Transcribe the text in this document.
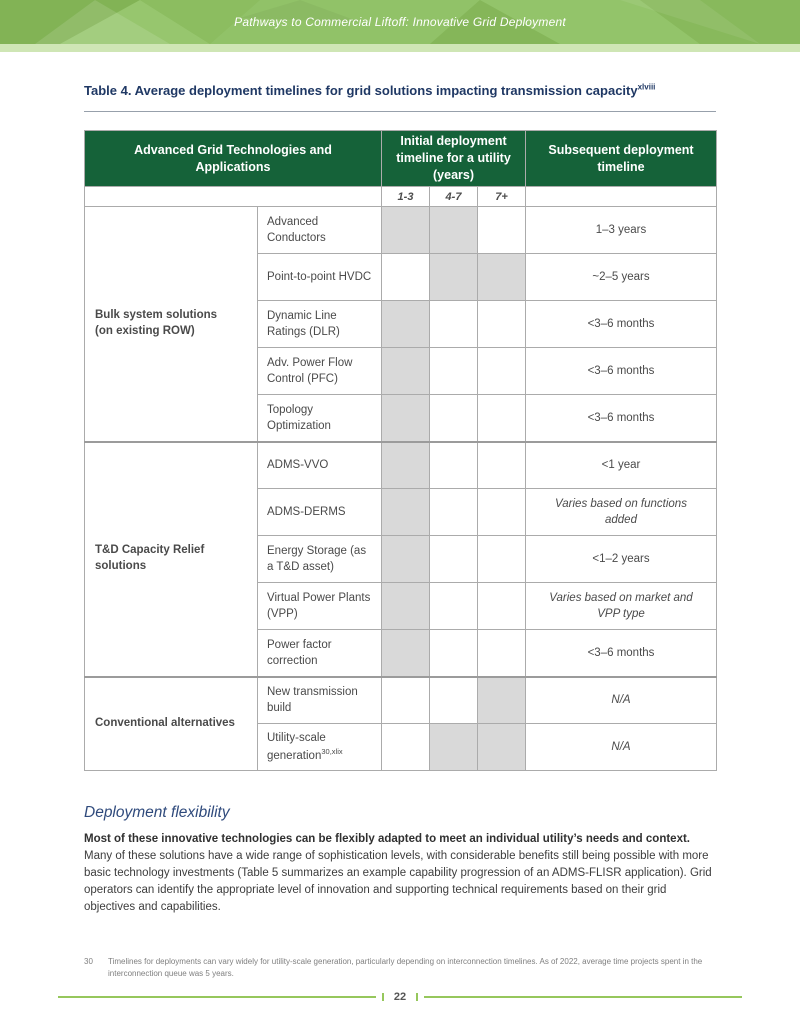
Pathways to Commercial Liftoff: Innovative Grid Deployment
Table 4. Average deployment timelines for grid solutions impacting transmission capacity$^{xlviii}$
Advanced Grid Technologies and Applications		Initial deployment timeline for a utility (years)			Subsequent deployment timeline
		1-3	4-7	7+	
Bulk system solutions (on existing ROW)	Advanced Conductors				1–3 years
	Point-to-point HVDC				~2–5 years
	Dynamic Line Ratings (DLR)				<3–6 months
	Adv. Power Flow Control (PFC)				<3–6 months
	Topology Optimization				<3–6 months
T&D Capacity Relief solutions	ADMS-VVO				<1 year
	ADMS-DERMS				Varies based on functions added
	Energy Storage (as a T&D asset)				<1–2 years
	Virtual Power Plants (VPP)				Varies based on market and VPP type
	Power factor correction				<3–6 months
Conventional alternatives	New transmission build				N/A
	Utility-scale generation$^{30,xlix}$				N/A
Deployment flexibility
Most of these innovative technologies can be flexibly adapted to meet an individual utility’s needs and context. Many of these solutions have a wide range of sophistication levels, with considerable benefits still being possible with more basic technology investments (Table 5 summarizes an example capability progression of an ADMS-FLISR application). Grid operators can identify the appropriate level of innovation and supporting technical requirements based on their grid objectives and capabilities.
30	Timelines for deployments can vary widely for utility-scale generation, particularly depending on interconnection timelines. As of 2022, average time projects spent in the interconnection queue was 5 years.
22
